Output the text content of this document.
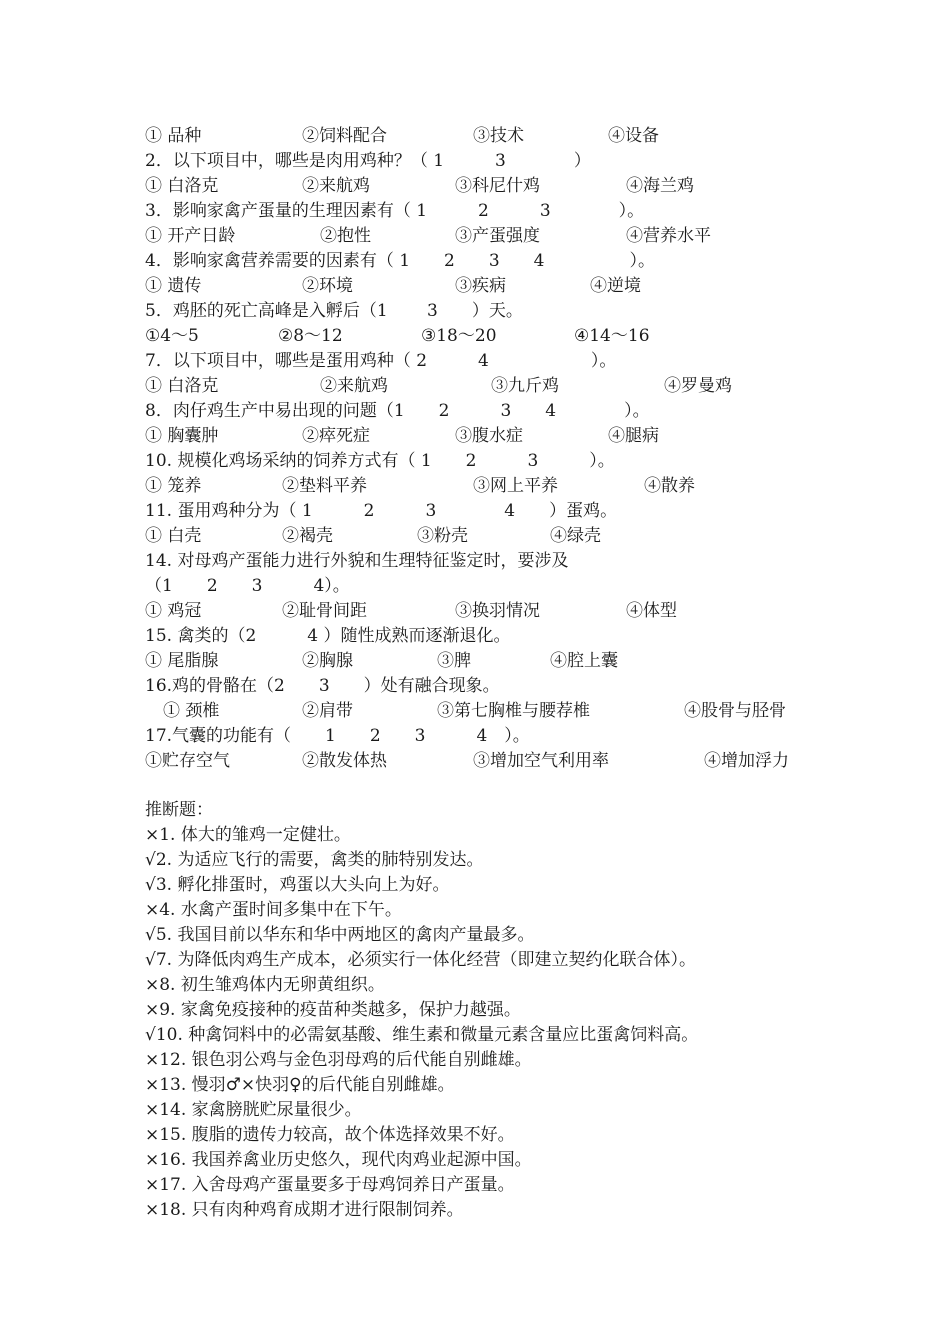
① 品种	②饲料配合	③技术	④设备
2．以下项目中，哪些是肉用鸡种？（ 1　　　3　　　　）
① 白洛克	②来航鸡	③科尼什鸡	④海兰鸡
3．影响家禽产蛋量的生理因素有（ 1　　　2　　　3　　　　）。
① 开产日龄	②抱性	③产蛋强度	④营养水平
4．影响家禽营养需要的因素有（ 1　　2　　3　　4　　　　　）。
① 遗传	②环境	③疾病	④逆境
5．鸡胚的死亡高峰是入孵后（1　　 3　　）天。
①4～5	②8～12	③18～20	④14～16
7．以下项目中，哪些是蛋用鸡种（ 2　　　4　　　　　　）。
① 白洛克	②来航鸡	③九斤鸡	④罗曼鸡
8．肉仔鸡生产中易出现的问题（1　　2　　　3　　4　　　　）。
① 胸囊肿	②瘁死症	③腹水症	④腿病
10. 规模化鸡场采纳的饲养方式有（ 1　　2　　　3　　　）。
① 笼养	②垫料平养	③网上平养	④散养
11. 蛋用鸡种分为（ 1　　　2　　　3　　　　4　　）蛋鸡。
① 白壳	②褐壳	③粉壳	④绿壳
14. 对母鸡产蛋能力进行外貌和生理特征鉴定时，要涉及
（1　　2　　3　　　4）。
① 鸡冠	②耻骨间距	③换羽情况	④体型
15. 禽类的（2　　　4 ）随性成熟而逐渐退化。
① 尾脂腺	②胸腺	③脾	④腔上囊
16.鸡的骨骼在（2　　3　　）处有融合现象。
① 颈椎	②肩带	③第七胸椎与腰荐椎	④股骨与胫骨
17.气囊的功能有（　　1　　2　　3　　　4　）。
①贮存空气	②散发体热	③增加空气利用率	④增加浮力
推断题：
×1. 体大的雏鸡一定健壮。
√2. 为适应飞行的需要，禽类的肺特别发达。
√3. 孵化排蛋时，鸡蛋以大头向上为好。
×4. 水禽产蛋时间多集中在下午。
√5. 我国目前以华东和华中两地区的禽肉产量最多。
√7. 为降低肉鸡生产成本，必须实行一体化经营（即建立契约化联合体）。
×8. 初生雏鸡体内无卵黄组织。
×9. 家禽免疫接种的疫苗种类越多，保护力越强。
√10. 种禽饲料中的必需氨基酸、维生素和微量元素含量应比蛋禽饲料高。
×12. 银色羽公鸡与金色羽母鸡的后代能自别雌雄。
×13. 慢羽♂×快羽♀的后代能自别雌雄。
×14. 家禽膀胱贮尿量很少。
×15. 腹脂的遗传力较高，故个体选择效果不好。
×16. 我国养禽业历史悠久，现代肉鸡业起源中国。
×17. 入舍母鸡产蛋量要多于母鸡饲养日产蛋量。
×18. 只有肉种鸡育成期才进行限制饲养。
